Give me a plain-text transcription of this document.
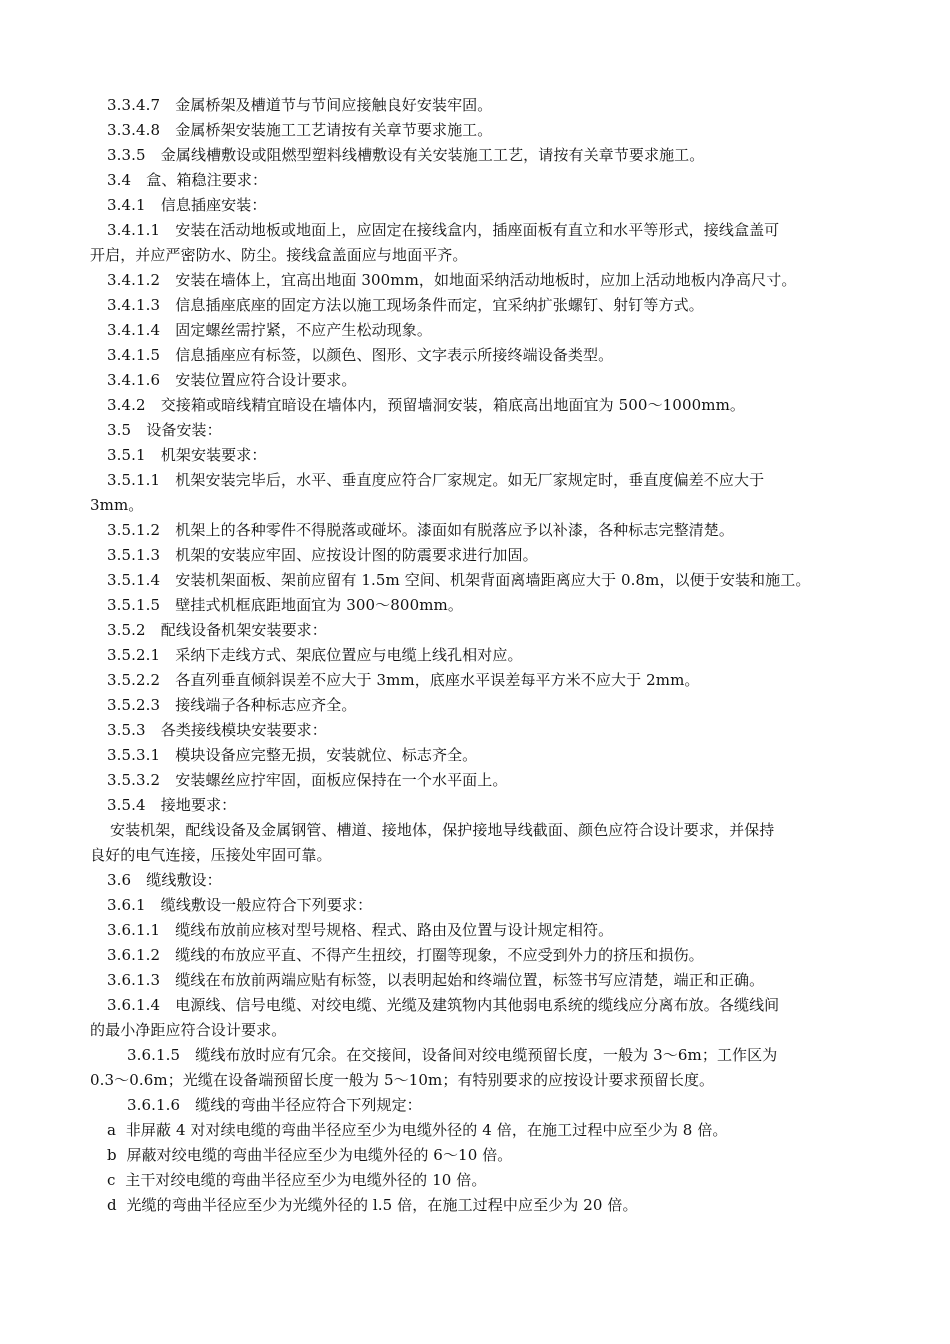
3.3.4.7　金属桥架及槽道节与节间应接触良好安装牢固。
3.3.4.8　金属桥架安装施工工艺请按有关章节要求施工。
3.3.5　金属线槽敷设或阻燃型塑料线槽敷设有关安装施工工艺，请按有关章节要求施工。
3.4　盒、箱稳注要求：
3.4.1　信息插座安装：
3.4.1.1　安装在活动地板或地面上，应固定在接线盒内，插座面板有直立和水平等形式，接线盒盖可
开启，并应严密防水、防尘。接线盒盖面应与地面平齐。
3.4.1.2　安装在墙体上，宜高出地面 300mm，如地面采纳活动地板时，应加上活动地板内净高尺寸。
3.4.1.3　信息插座底座的固定方法以施工现场条件而定，宜采纳扩张螺钉、射钉等方式。
3.4.1.4　固定螺丝需拧紧，不应产生松动现象。
3.4.1.5　信息插座应有标签，以颜色、图形、文字表示所接终端设备类型。
3.4.1.6　安装位置应符合设计要求。
3.4.2　交接箱或暗线精宜暗设在墙体内，预留墙洞安装，箱底高出地面宜为 500～1000mm。
3.5　设备安装：
3.5.1　机架安装要求：
3.5.1.1　机架安装完毕后，水平、垂直度应符合厂家规定。如无厂家规定时，垂直度偏差不应大于
3mm。
3.5.1.2　机架上的各种零件不得脱落或碰坏。漆面如有脱落应予以补漆，各种标志完整清楚。
3.5.1.3　机架的安装应牢固、应按设计图的防震要求进行加固。
3.5.1.4　安装机架面板、架前应留有 1.5m 空间、机架背面离墙距离应大于 0.8m，以便于安装和施工。
3.5.1.5　壁挂式机框底距地面宜为 300～800mm。
3.5.2　配线设备机架安装要求：
3.5.2.1　采纳下走线方式、架底位置应与电缆上线孔相对应。
3.5.2.2　各直列垂直倾斜误差不应大于 3mm，底座水平误差每平方米不应大于 2mm。
3.5.2.3　接线端子各种标志应齐全。
3.5.3　各类接线模块安装要求：
3.5.3.1　模块设备应完整无损，安装就位、标志齐全。
3.5.3.2　安装螺丝应拧牢固，面板应保持在一个水平面上。
3.5.4　接地要求：
安装机架，配线设备及金属钢管、槽道、接地体，保护接地导线截面、颜色应符合设计要求，并保持
良好的电气连接，压接处牢固可靠。
3.6　缆线敷设：
3.6.1　缆线敷设一般应符合下列要求：
3.6.1.1　缆线布放前应核对型号规格、程式、路由及位置与设计规定相符。
3.6.1.2　缆线的布放应平直、不得产生扭绞，打圈等现象，不应受到外力的挤压和损伤。
3.6.1.3　缆线在布放前两端应贴有标签，以表明起始和终端位置，标签书写应清楚，端正和正确。
3.6.1.4　电源线、信号电缆、对绞电缆、光缆及建筑物内其他弱电系统的缆线应分离布放。各缆线间
的最小净距应符合设计要求。
3.6.1.5　缆线布放时应有冗余。在交接间，设备间对绞电缆预留长度，一般为 3～6m；工作区为
0.3～0.6m；光缆在设备端预留长度一般为 5～10m；有特别要求的应按设计要求预留长度。
3.6.1.6　缆线的弯曲半径应符合下列规定：
a  非屏蔽 4 对对续电缆的弯曲半径应至少为电缆外径的 4 倍，在施工过程中应至少为 8 倍。
b  屏蔽对绞电缆的弯曲半径应至少为电缆外径的 6～10 倍。
c  主干对绞电缆的弯曲半径应至少为电缆外径的 10 倍。
d  光缆的弯曲半径应至少为光缆外径的 l.5 倍，在施工过程中应至少为 20 倍。
